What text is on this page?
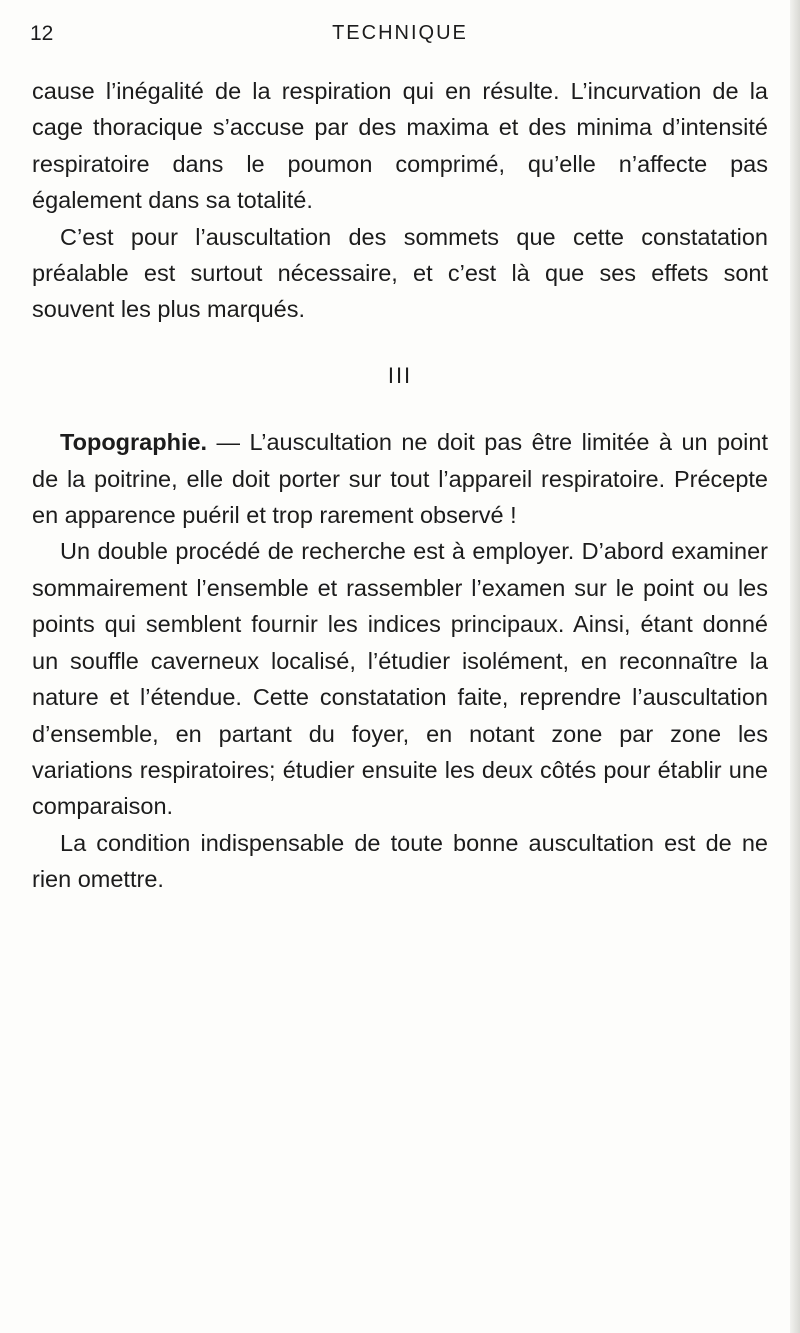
12	TECHNIQUE

cause l’inégalité de la respiration qui en résulte. L’incurvation de la cage thoracique s’accuse par des maxima et des minima d’intensité respiratoire dans le poumon comprimé, qu’elle n’affecte pas également dans sa totalité.

C’est pour l’auscultation des sommets que cette constatation préalable est surtout nécessaire, et c’est là que ses effets sont souvent les plus marqués.

III

Topographie. — L’auscultation ne doit pas être limitée à un point de la poitrine, elle doit porter sur tout l’appareil respiratoire. Précepte en apparence puéril et trop rarement observé !

Un double procédé de recherche est à employer. D’abord examiner sommairement l’ensemble et rassembler l’examen sur le point ou les points qui semblent fournir les indices principaux. Ainsi, étant donné un souffle caverneux localisé, l’étudier isolément, en reconnaître la nature et l’étendue. Cette constatation faite, reprendre l’auscultation d’ensemble, en partant du foyer, en notant zone par zone les variations respiratoires; étudier ensuite les deux côtés pour établir une comparaison.

La condition indispensable de toute bonne auscultation est de ne rien omettre.
